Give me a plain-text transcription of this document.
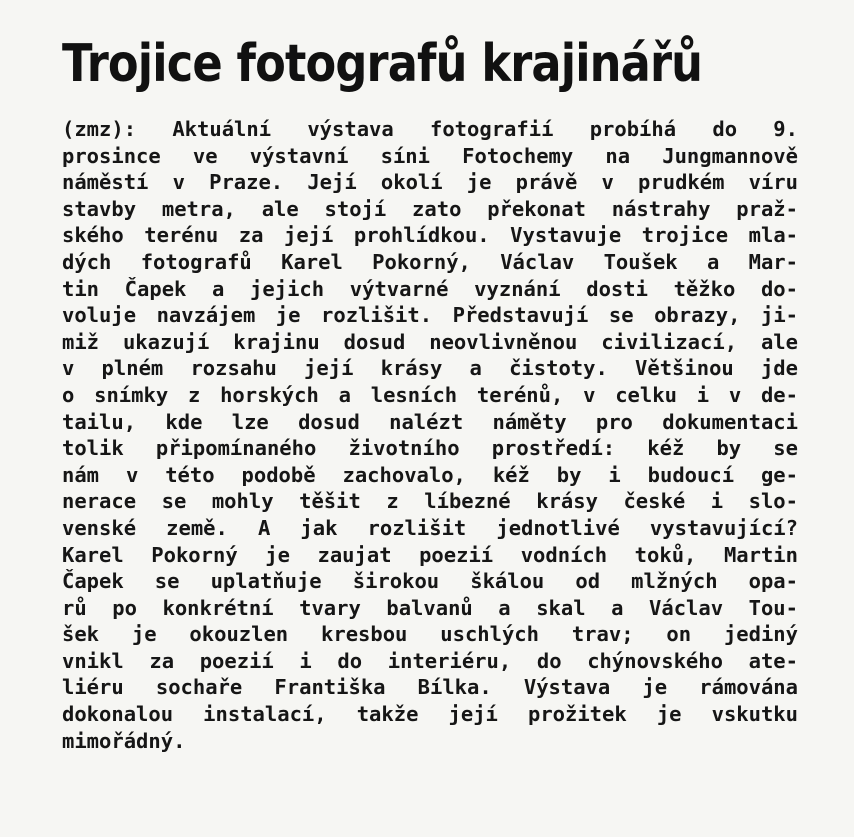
Trojice fotografů krajinářů
(zmz): Aktuální výstava fotografií probíhá do 9.
prosince ve výstavní síni Fotochemy na Jungmannově
náměstí v Praze. Její okolí je právě v prudkém víru
stavby metra, ale stojí zato překonat nástrahy praž-
ského terénu za její prohlídkou. Vystavuje trojice mla-
dých fotografů Karel Pokorný, Václav Toušek a Mar-
tin Čapek a jejich výtvarné vyznání dosti těžko do-
voluje navzájem je rozlišit. Představují se obrazy, ji-
miž ukazují krajinu dosud neovlivněnou civilizací, ale
v plném rozsahu její krásy a čistoty. Většinou jde
o snímky z horských a lesních terénů, v celku i v de-
tailu, kde lze dosud nalézt náměty pro dokumentaci
tolik připomínaného životního prostředí: kéž by se
nám v této podobě zachovalo, kéž by i budoucí ge-
nerace se mohly těšit z líbezné krásy české i slo-
venské země. A jak rozlišit jednotlivé vystavující?
Karel Pokorný je zaujat poezií vodních toků, Martin
Čapek se uplatňuje širokou škálou od mlžných opa-
rů po konkrétní tvary balvanů a skal a Václav Tou-
šek je okouzlen kresbou uschlých trav; on jediný
vnikl za poezií i do interiéru, do chýnovského ate-
liéru sochaře Františka Bílka. Výstava je rámována
dokonalou instalací, takže její prožitek je vskutku
mimořádný.
